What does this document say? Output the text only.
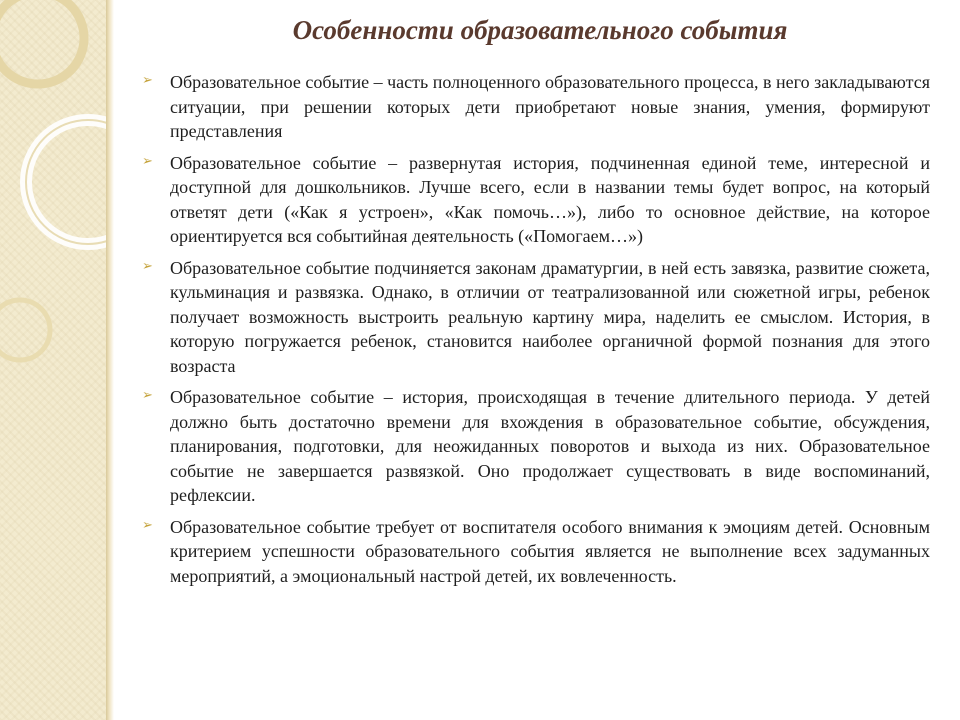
Особенности образовательного события
➢ Образовательное событие – часть полноценного образовательного процесса, в него закладываются ситуации, при решении которых дети приобретают новые знания, умения, формируют представления

➢ Образовательное событие – развернутая история, подчиненная единой теме, интересной и доступной для дошкольников. Лучше всего, если в названии темы будет вопрос, на который ответят дети («Как я устроен», «Как помочь…»), либо то основное действие, на которое ориентируется вся событийная деятельность («Помогаем…»)

➢ Образовательное событие подчиняется законам драматургии, в ней есть завязка, развитие сюжета, кульминация и развязка. Однако, в отличии от театрализованной или сюжетной игры, ребенок получает возможность выстроить реальную картину мира, наделить ее смыслом. История, в которую погружается ребенок, становится наиболее органичной формой познания для этого возраста

➢ Образовательное событие – история, происходящая в течение длительного периода. У детей должно быть достаточно времени для вхождения в образовательное событие, обсуждения, планирования, подготовки, для неожиданных поворотов и выхода из них. Образовательное событие не завершается развязкой. Оно продолжает существовать в виде воспоминаний, рефлексии.

➢ Образовательное событие требует от воспитателя особого внимания к эмоциям детей. Основным критерием успешности образовательного события является не выполнение всех задуманных мероприятий, а эмоциональный настрой детей, их вовлеченность.
